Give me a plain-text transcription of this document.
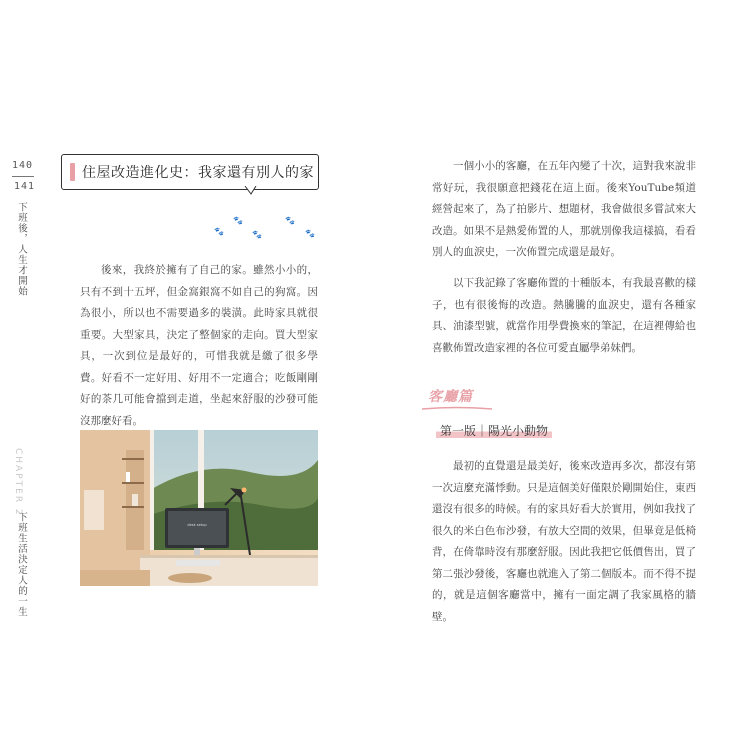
140
141
下班後，人生才開始
CHAPTER 2
下班生活決定人的一生
住屋改造進化史：我家還有別人的家
🐾
🐾	🐾
🐾
🐾

後來，我終於擁有了自己的家。雖然小小的，只有不到十五坪，但金窩銀窩不如自己的狗窩。因為很小，所以也不需要過多的裝潢。此時家具就很重要。大型家具，決定了整個家的走向。買大型家具，一次到位是最好的，可惜我就是繳了很多學費。好看不一定好用、好用不一定適合；吃飯剛剛好的茶几可能會擋到走道，坐起來舒服的沙發可能沒那麼好看。

desk setup

一個小小的客廳，在五年內變了十次，這對我來說非常好玩，我很願意把錢花在這上面。後來YouTube頻道經營起來了，為了拍影片、想題材，我會做很多嘗試來大改造。如果不是熱愛佈置的人，那就別像我這樣搞，看看別人的血淚史，一次佈置完成還是最好。

以下我記錄了客廳佈置的十種版本，有我最喜歡的樣子，也有很後悔的改造。熱騰騰的血淚史，還有各種家具、油漆型號，就當作用學費換來的筆記，在這裡傳給也喜歡佈置改造家裡的各位可愛直屬學弟妹們。

客廳篇
第一版｜陽光小動物

最初的直覺還是最美好，後來改造再多次，都沒有第一次這麼充滿悸動。只是這個美好僅限於剛開始住，東西還沒有很多的時候。有的家具好看大於實用，例如我找了很久的米白色布沙發，有放大空間的效果，但畢竟是低椅背，在倚靠時沒有那麼舒服。因此我把它低價售出，買了第二張沙發後，客廳也就進入了第二個版本。而不得不提的，就是這個客廳當中，擁有一面定調了我家風格的牆壁。
